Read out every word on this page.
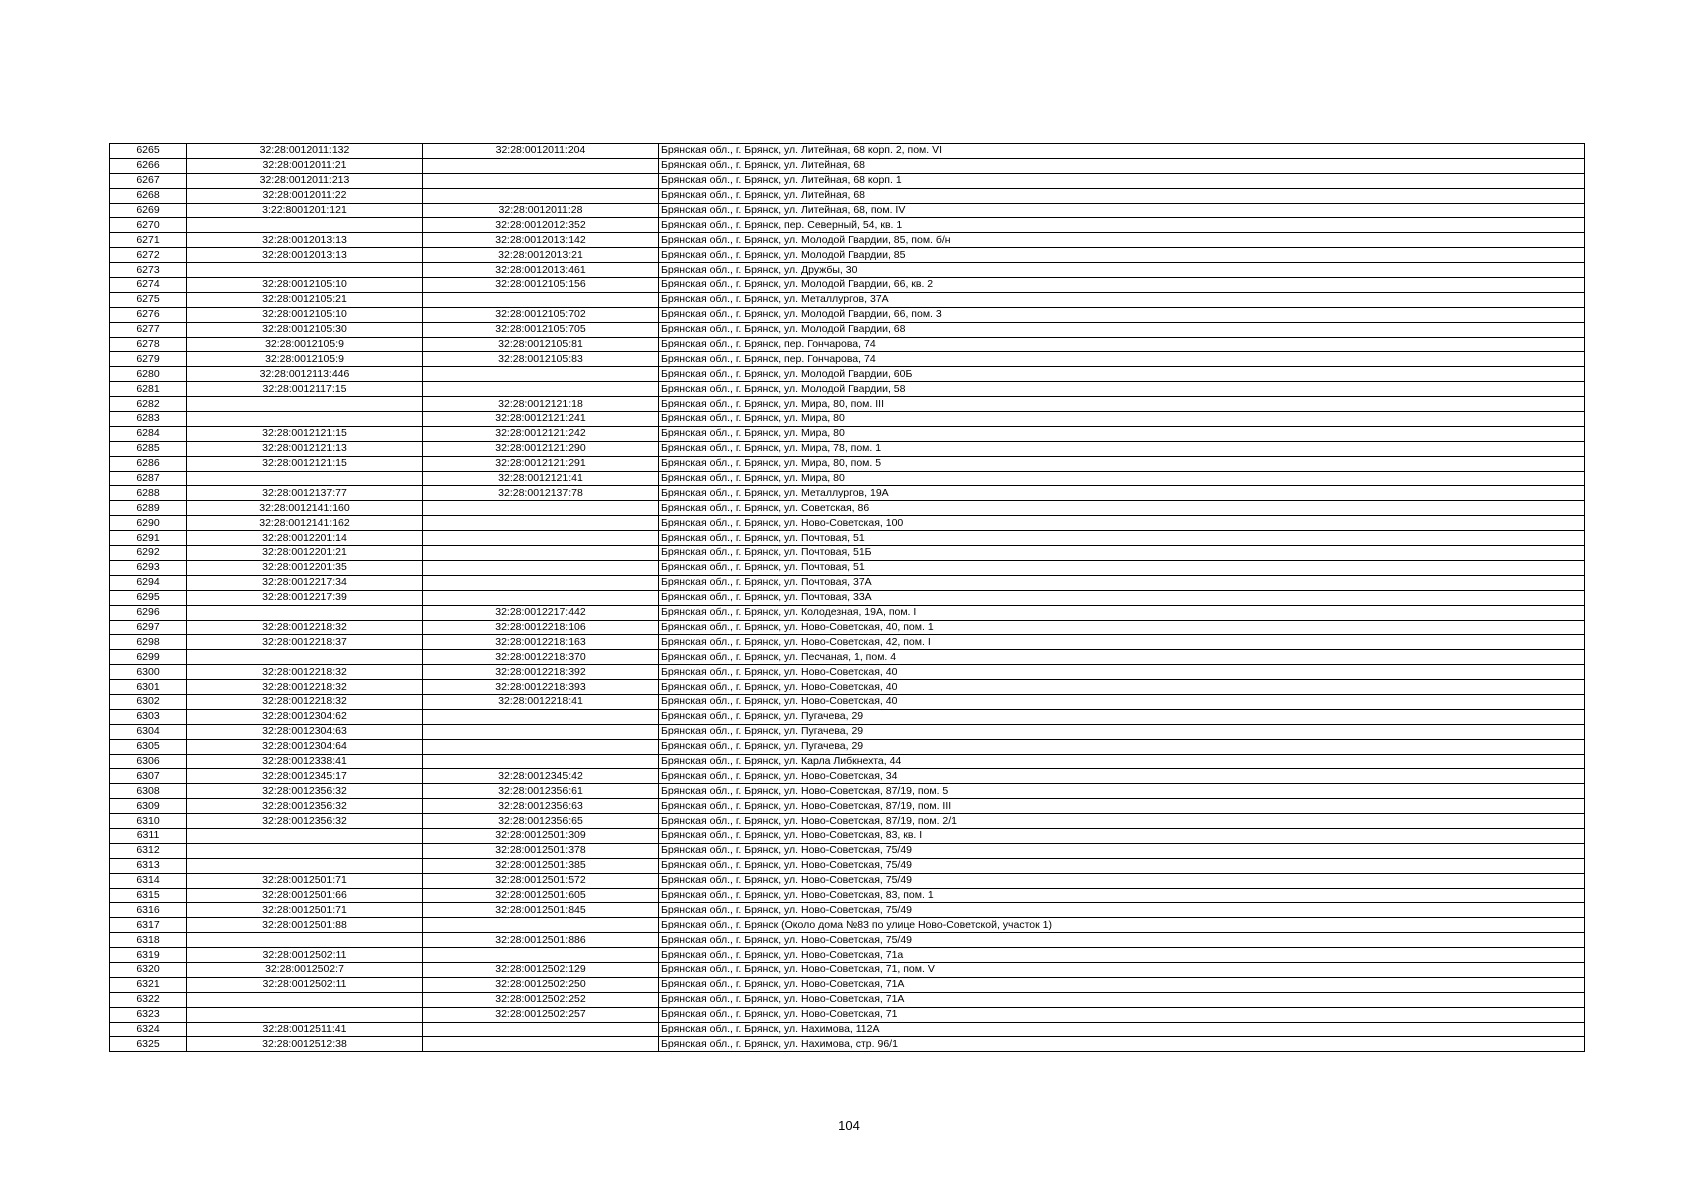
6265	32:28:0012011:132	32:28:0012011:204	Брянская обл., г. Брянск, ул. Литейная, 68 корп. 2, пом. VI
6266	32:28:0012011:21		Брянская обл., г. Брянск, ул. Литейная, 68
6267	32:28:0012011:213		Брянская обл., г. Брянск, ул. Литейная, 68 корп. 1
6268	32:28:0012011:22		Брянская обл., г. Брянск, ул. Литейная, 68
6269	3:22:8001201:121	32:28:0012011:28	Брянская обл., г. Брянск, ул. Литейная, 68, пом. IV
6270		32:28:0012012:352	Брянская обл., г. Брянск, пер. Северный, 54, кв. 1
6271	32:28:0012013:13	32:28:0012013:142	Брянская обл., г. Брянск, ул. Молодой Гвардии, 85, пом. б/н
6272	32:28:0012013:13	32:28:0012013:21	Брянская обл., г. Брянск, ул. Молодой Гвардии, 85
6273		32:28:0012013:461	Брянская обл., г. Брянск, ул. Дружбы, 30
6274	32:28:0012105:10	32:28:0012105:156	Брянская обл., г. Брянск, ул. Молодой Гвардии, 66, кв. 2
6275	32:28:0012105:21		Брянская обл., г. Брянск, ул. Металлургов, 37А
6276	32:28:0012105:10	32:28:0012105:702	Брянская обл., г. Брянск, ул. Молодой Гвардии, 66, пом. 3
6277	32:28:0012105:30	32:28:0012105:705	Брянская обл., г. Брянск, ул. Молодой Гвардии, 68
6278	32:28:0012105:9	32:28:0012105:81	Брянская обл., г. Брянск, пер. Гончарова, 74
6279	32:28:0012105:9	32:28:0012105:83	Брянская обл., г. Брянск, пер. Гончарова, 74
6280	32:28:0012113:446		Брянская обл., г. Брянск, ул. Молодой Гвардии, 60Б
6281	32:28:0012117:15		Брянская обл., г. Брянск, ул. Молодой Гвардии, 58
6282		32:28:0012121:18	Брянская обл., г. Брянск, ул. Мира, 80, пом. III
6283		32:28:0012121:241	Брянская обл., г. Брянск, ул. Мира, 80
6284	32:28:0012121:15	32:28:0012121:242	Брянская обл., г. Брянск, ул. Мира, 80
6285	32:28:0012121:13	32:28:0012121:290	Брянская обл., г. Брянск, ул. Мира, 78, пом. 1
6286	32:28:0012121:15	32:28:0012121:291	Брянская обл., г. Брянск, ул. Мира, 80, пом. 5
6287		32:28:0012121:41	Брянская обл., г. Брянск, ул. Мира, 80
6288	32:28:0012137:77	32:28:0012137:78	Брянская обл., г. Брянск, ул. Металлургов, 19А
6289	32:28:0012141:160		Брянская обл., г. Брянск, ул. Советская, 86
6290	32:28:0012141:162		Брянская обл., г. Брянск, ул. Ново-Советская, 100
6291	32:28:0012201:14		Брянская обл., г. Брянск, ул. Почтовая, 51
6292	32:28:0012201:21		Брянская обл., г. Брянск, ул. Почтовая, 51Б
6293	32:28:0012201:35		Брянская обл., г. Брянск, ул. Почтовая, 51
6294	32:28:0012217:34		Брянская обл., г. Брянск, ул. Почтовая, 37А
6295	32:28:0012217:39		Брянская обл., г. Брянск, ул. Почтовая, 33А
6296		32:28:0012217:442	Брянская обл., г. Брянск, ул. Колодезная, 19А, пом. I
6297	32:28:0012218:32	32:28:0012218:106	Брянская обл., г. Брянск, ул. Ново-Советская, 40, пом. 1
6298	32:28:0012218:37	32:28:0012218:163	Брянская обл., г. Брянск, ул. Ново-Советская, 42, пом. I
6299		32:28:0012218:370	Брянская обл., г. Брянск, ул. Песчаная, 1, пом. 4
6300	32:28:0012218:32	32:28:0012218:392	Брянская обл., г. Брянск, ул. Ново-Советская, 40
6301	32:28:0012218:32	32:28:0012218:393	Брянская обл., г. Брянск, ул. Ново-Советская, 40
6302	32:28:0012218:32	32:28:0012218:41	Брянская обл., г. Брянск, ул. Ново-Советская, 40
6303	32:28:0012304:62		Брянская обл., г. Брянск, ул. Пугачева, 29
6304	32:28:0012304:63		Брянская обл., г. Брянск, ул. Пугачева, 29
6305	32:28:0012304:64		Брянская обл., г. Брянск, ул. Пугачева, 29
6306	32:28:0012338:41		Брянская обл., г. Брянск, ул. Карла Либкнехта, 44
6307	32:28:0012345:17	32:28:0012345:42	Брянская обл., г. Брянск, ул. Ново-Советская, 34
6308	32:28:0012356:32	32:28:0012356:61	Брянская обл., г. Брянск, ул. Ново-Советская, 87/19, пом. 5
6309	32:28:0012356:32	32:28:0012356:63	Брянская обл., г. Брянск, ул. Ново-Советская, 87/19, пом. III
6310	32:28:0012356:32	32:28:0012356:65	Брянская обл., г. Брянск, ул. Ново-Советская, 87/19, пом. 2/1
6311		32:28:0012501:309	Брянская обл., г. Брянск, ул. Ново-Советская, 83, кв. I
6312		32:28:0012501:378	Брянская обл., г. Брянск, ул. Ново-Советская, 75/49
6313		32:28:0012501:385	Брянская обл., г. Брянск, ул. Ново-Советская, 75/49
6314	32:28:0012501:71	32:28:0012501:572	Брянская обл., г. Брянск, ул. Ново-Советская, 75/49
6315	32:28:0012501:66	32:28:0012501:605	Брянская обл., г. Брянск, ул. Ново-Советская, 83, пом. 1
6316	32:28:0012501:71	32:28:0012501:845	Брянская обл., г. Брянск, ул. Ново-Советская, 75/49
6317	32:28:0012501:88		Брянская обл., г. Брянск (Около дома №83 по улице Ново-Советской, участок 1)
6318		32:28:0012501:886	Брянская обл., г. Брянск, ул. Ново-Советская, 75/49
6319	32:28:0012502:11		Брянская обл., г. Брянск, ул. Ново-Советская, 71а
6320	32:28:0012502:7	32:28:0012502:129	Брянская обл., г. Брянск, ул. Ново-Советская, 71, пом. V
6321	32:28:0012502:11	32:28:0012502:250	Брянская обл., г. Брянск, ул. Ново-Советская, 71А
6322		32:28:0012502:252	Брянская обл., г. Брянск, ул. Ново-Советская, 71А
6323		32:28:0012502:257	Брянская обл., г. Брянск, ул. Ново-Советская, 71
6324	32:28:0012511:41		Брянская обл., г. Брянск, ул. Нахимова, 112А
6325	32:28:0012512:38		Брянская обл., г. Брянск, ул. Нахимова, стр. 96/1
104
